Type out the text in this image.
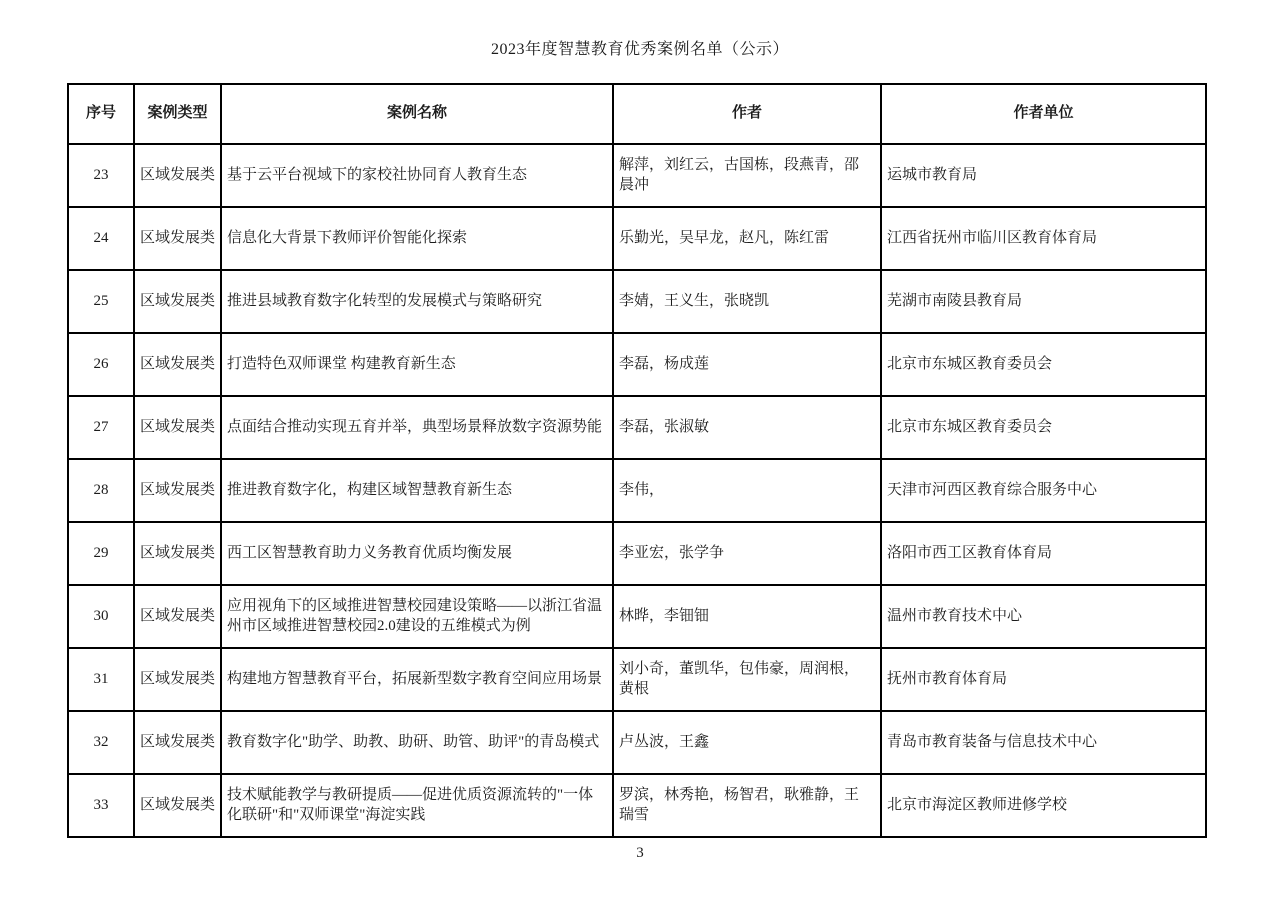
2023年度智慧教育优秀案例名单（公示）
序号	案例类型	案例名称	作者	作者单位
23	区域发展类	基于云平台视域下的家校社协同育人教育生态	解萍，刘红云，古国栋，段燕青，邵晨冲	运城市教育局
24	区域发展类	信息化大背景下教师评价智能化探索	乐勤光，吴早龙，赵凡，陈红雷	江西省抚州市临川区教育体育局
25	区域发展类	推进县域教育数字化转型的发展模式与策略研究	李婧，王义生，张晓凯	芜湖市南陵县教育局
26	区域发展类	打造特色双师课堂 构建教育新生态	李磊，杨成莲	北京市东城区教育委员会
27	区域发展类	点面结合推动实现五育并举，典型场景释放数字资源势能	李磊，张淑敏	北京市东城区教育委员会
28	区域发展类	推进教育数字化，构建区域智慧教育新生态	李伟，	天津市河西区教育综合服务中心
29	区域发展类	西工区智慧教育助力义务教育优质均衡发展	李亚宏，张学争	洛阳市西工区教育体育局
30	区域发展类	应用视角下的区域推进智慧校园建设策略——以浙江省温州市区域推进智慧校园2.0建设的五维模式为例	林晔，李钿钿	温州市教育技术中心
31	区域发展类	构建地方智慧教育平台，拓展新型数字教育空间应用场景	刘小奇，董凯华，包伟豪，周润根，黄根	抚州市教育体育局
32	区域发展类	教育数字化"助学、助教、助研、助管、助评"的青岛模式	卢丛波，王鑫	青岛市教育装备与信息技术中心
33	区域发展类	技术赋能教学与教研提质——促进优质资源流转的"一体化联研"和"双师课堂"海淀实践	罗滨，林秀艳，杨智君，耿雅静，王瑞雪	北京市海淀区教师进修学校
3
